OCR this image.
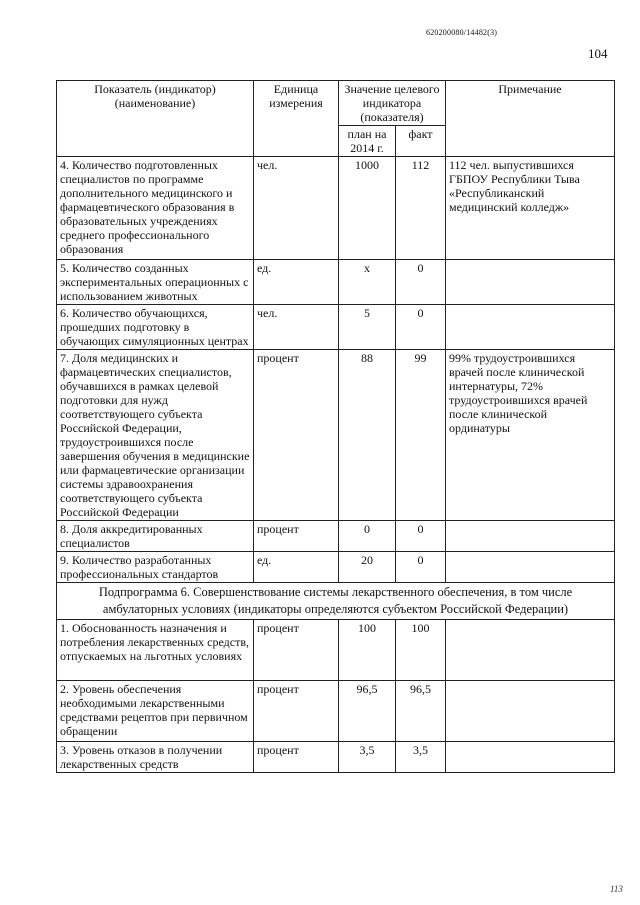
620200080/14482(3)
104
Показатель (индикатор) (наименование)	Единица измерения	Значение целевого индикатора (показателя)		Примечание
		план на 2014 г.	факт	
4. Количество подготовленных специалистов по программе дополнительного медицинского и фармацевтического образования в образовательных учреждениях среднего профессионального образования	чел.	1000	112	112 чел. выпустившихся ГБПОУ Республики Тыва «Республиканский медицинский колледж»
5. Количество созданных экспериментальных операционных с использованием животных	ед.	x	0	
6. Количество обучающихся, прошедших подготовку в обучающих симуляционных центрах	чел.	5	0	
7. Доля медицинских и фармацевтических специалистов, обучавшихся в рамках целевой подготовки для нужд соответствующего субъекта Российской Федерации, трудоустроившихся после завершения обучения в медицинские или фармацевтические организации системы здравоохранения соответствующего субъекта Российской Федерации	процент	88	99	99% трудоустроившихся врачей после клинической интернатуры, 72% трудоустроившихся врачей после клинической ординатуры
8. Доля аккредитированных специалистов	процент	0	0	
9. Количество разработанных профессиональных стандартов	ед.	20	0	
Подпрограмма 6. Совершенствование системы лекарственного обеспечения, в том числе амбулаторных условиях (индикаторы определяются субъектом Российской Федерации)				
1. Обоснованность назначения и потребления лекарственных средств, отпускаемых на льготных условиях	процент	100	100	
2. Уровень обеспечения необходимыми лекарственными средствами рецептов при первичном обращении	процент	96,5	96,5	
3. Уровень отказов в получении лекарственных средств	процент	3,5	3,5	
113
